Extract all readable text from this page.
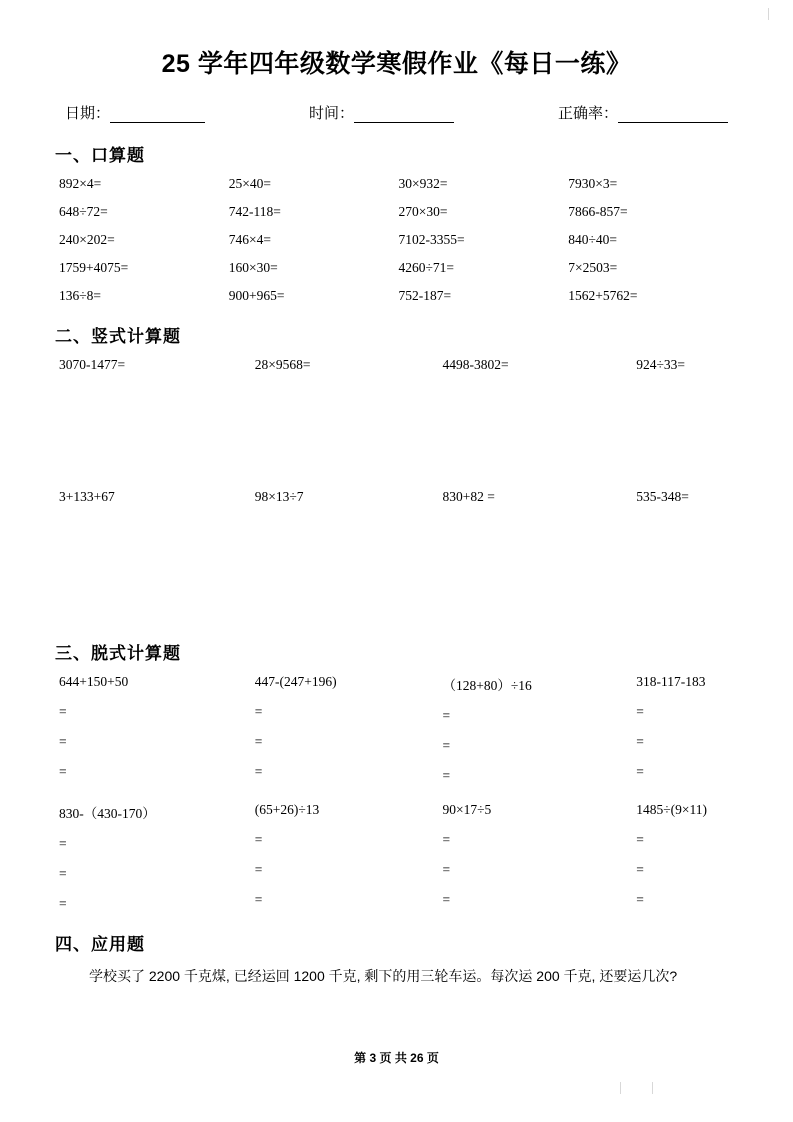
25 学年四年级数学寒假作业《每日一练》
日期：	时间：	正确率：
一、口算题
892×4=	25×40=	30×932=	7930×3=
648÷72=	742-118=	270×30=	7866-857=
240×202=	746×4=	7102-3355=	840÷40=
1759+4075=	160×30=	4260÷71=	7×2503=
136÷8=	900+965=	752-187=	1562+5762=
二、竖式计算题
3070-1477=	28×9568=	4498-3802=	924÷33=
3+133+67	98×13÷7	830+82 =	535-348=
三、脱式计算题
644+150+50
=
=
=
447-(247+196)
=
=
=
（128+80）÷16
=
=
=
318-117-183
=
=
=
830-（430-170）
=
=
=
(65+26)÷13
=
=
=
90×17÷5
=
=
=
1485÷(9×11)
=
=
=
四、应用题
学校买了 2200 千克煤, 已经运回 1200 千克, 剩下的用三轮车运。每次运 200 千克, 还要运几次?
第 3 页 共 26 页
